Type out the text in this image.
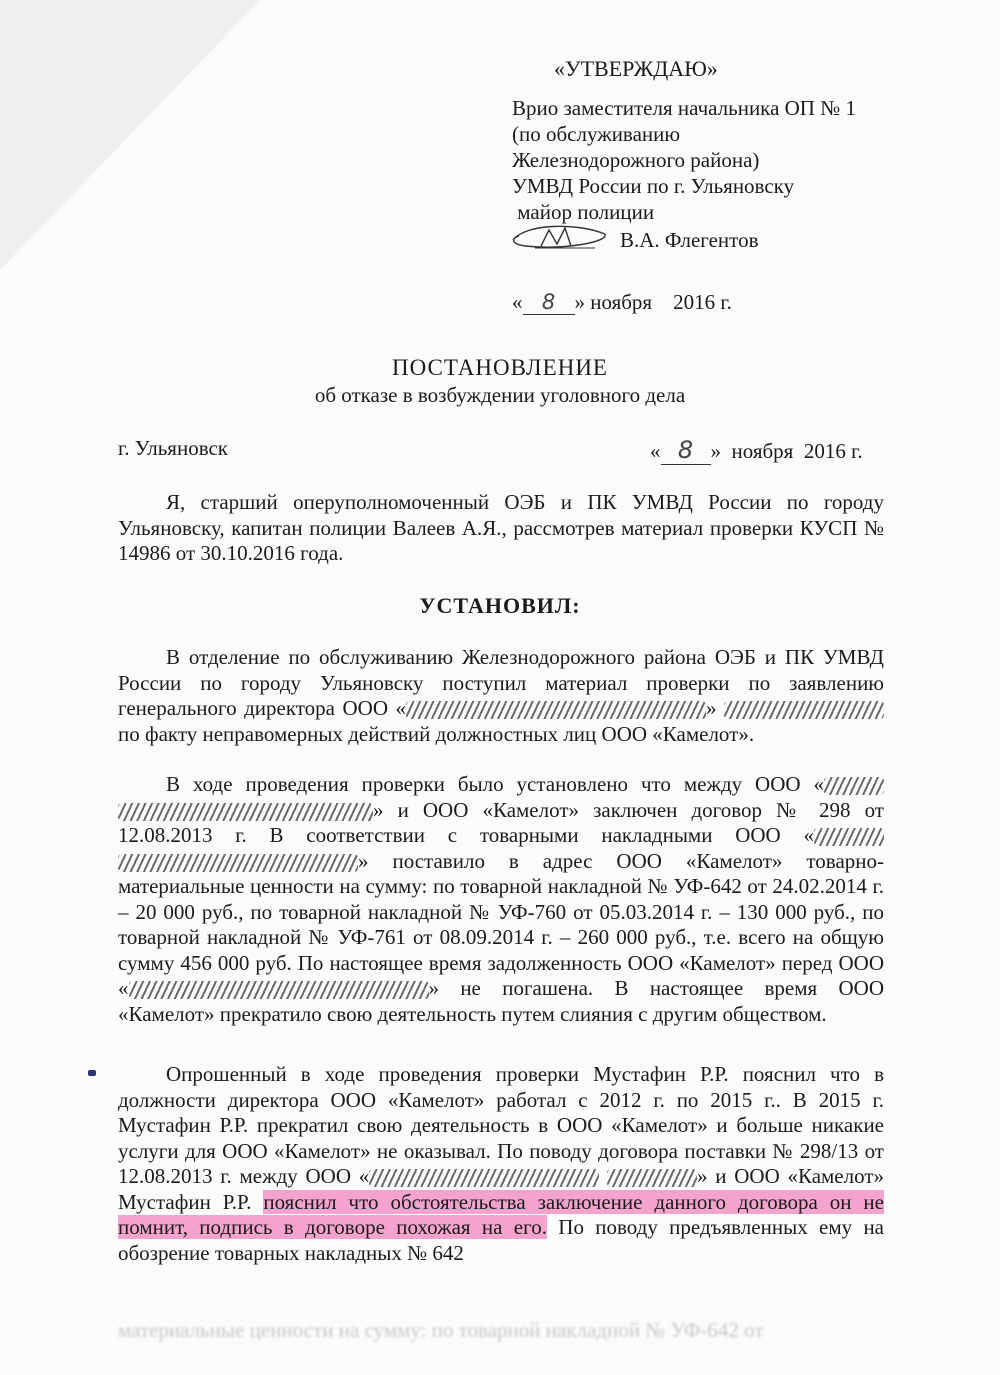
«УТВЕРЖДАЮ»
Врио заместителя начальника ОП № 1
(по обслуживанию
Железнодорожного района)
УМВД России по г. Ульяновску
майор полиции
В.А. Флегентов
« 8 » ноября    2016 г.
ПОСТАНОВЛЕНИЕ
об отказе в возбуждении уголовного дела
г. Ульяновск	« 8 »  ноября  2016 г.
Я, старший оперуполномоченный ОЭБ и ПК УМВД России по городу Ульяновску, капитан полиции Валеев А.Я., рассмотрев материал проверки КУСП № 14986 от 30.10.2016 года.
УСТАНОВИЛ:
В отделение по обслуживанию Железнодорожного района ОЭБ и ПК УМВД России по городу Ульяновску поступил материал проверки по заявлению генерального директора ООО «	»  по факту неправомерных действий должностных лиц ООО «Камелот».
В ходе проведения проверки было установлено что между ООО « » и ООО «Камелот» заключен договор № 298 от 12.08.2013 г. В соответствии с товарными накладными ООО « » поставило в адрес ООО «Камелот» товарно-материальные ценности на сумму: по товарной накладной № УФ-642 от 24.02.2014 г. – 20 000 руб., по товарной накладной № УФ-760 от 05.03.2014 г. – 130 000 руб., по товарной накладной № УФ-761 от 08.09.2014 г. – 260 000 руб., т.е. всего на общую сумму 456 000 руб. По настоящее время задолженность ООО «Камелот» перед ООО «	» не погашена. В настоящее время ООО «Камелот» прекратило свою деятельность путем слияния с другим обществом.
Опрошенный в ходе проведения проверки Мустафин Р.Р. пояснил что в должности директора ООО «Камелот» работал с 2012 г. по 2015 г.. В 2015 г. Мустафин Р.Р. прекратил свою деятельность в ООО «Камелот» и больше никакие услуги для ООО «Камелот» не оказывал. По поводу договора поставки № 298/13 от 12.08.2013 г. между ООО «	» и ООО «Камелот» Мустафин Р.Р. пояснил что обстоятельства заключение данного договора он не помнит, подпись в договоре похожая на его. По поводу предъявленных ему на обозрение товарных накладных № 642
материальные ценности на сумму: по товарной накладной № УФ-642 от
